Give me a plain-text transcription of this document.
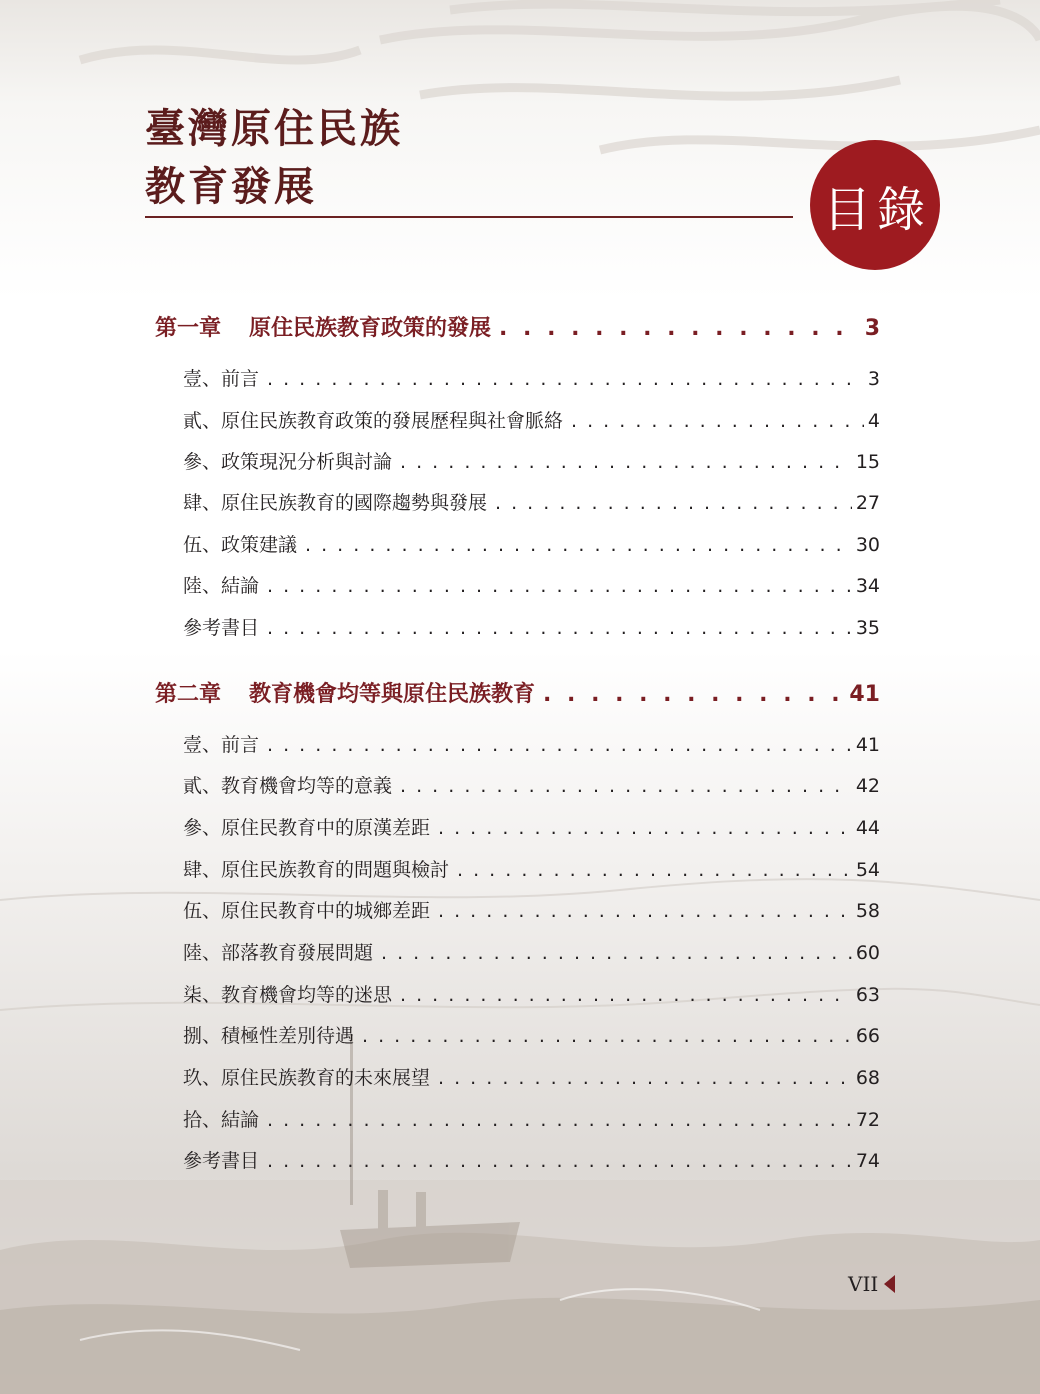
臺灣原住民族
教育發展	目錄
第一章 原住民族教育政策的發展 . . .	3
壹、前言 . . .	3
貳、原住民族教育政策的發展歷程與社會脈絡 . . .	4
參、政策現況分析與討論 . . .	15
肆、原住民族教育的國際趨勢與發展 . . .	27
伍、政策建議 . . .	30
陸、結論 . . .	34
參考書目 . . .	35
第二章 教育機會均等與原住民族教育 . . .	41
壹、前言 . . .	41
貳、教育機會均等的意義 . . .	42
參、原住民教育中的原漢差距 . . .	44
肆、原住民族教育的問題與檢討 . . .	54
伍、原住民教育中的城鄉差距 . . .	58
陸、部落教育發展問題 . . .	60
柒、教育機會均等的迷思 . . .	63
捌、積極性差別待遇 . . .	66
玖、原住民族教育的未來展望 . . .	68
拾、結論 . . .	72
參考書目 . . .	74
VII
